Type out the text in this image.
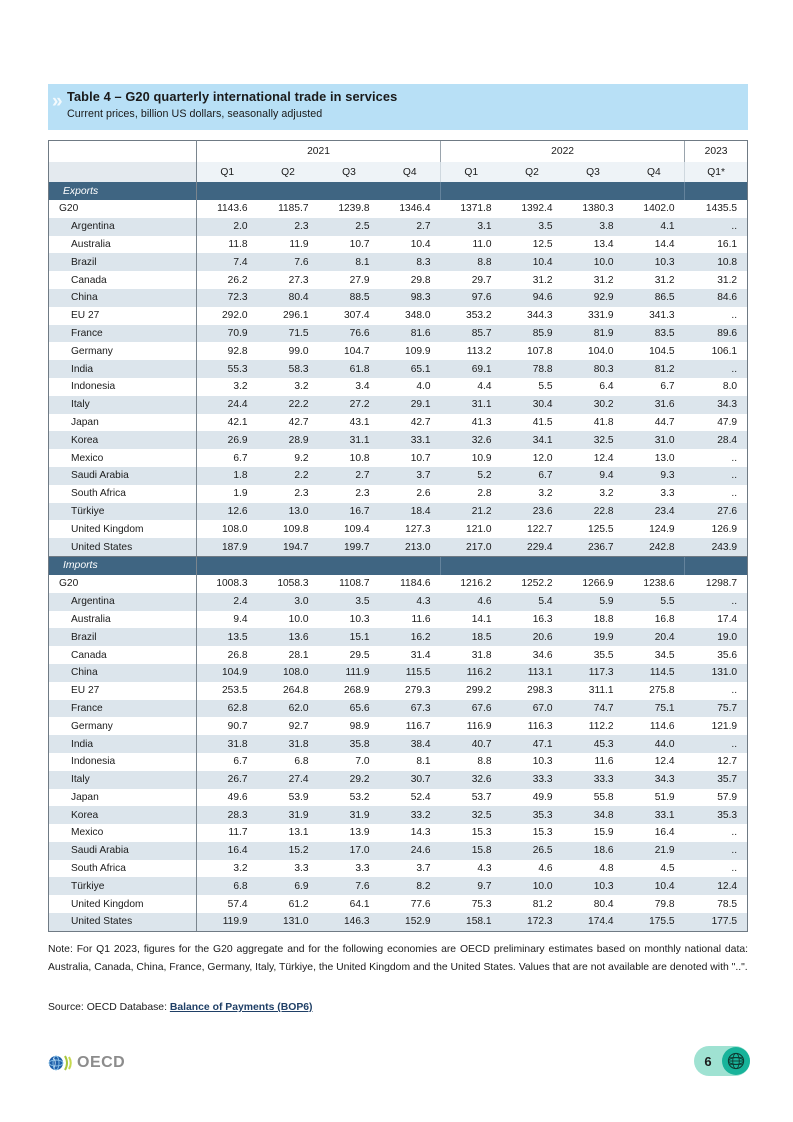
» Table 4 – G20 quarterly international trade in services
Current prices, billion US dollars, seasonally adjusted
	2021				2022				2023
	Q1	Q2	Q3	Q4	Q1	Q2	Q3	Q4	Q1*
Exports									
G20	1143.6	1185.7	1239.8	1346.4	1371.8	1392.4	1380.3	1402.0	1435.5
Argentina	2.0	2.3	2.5	2.7	3.1	3.5	3.8	4.1	..
Australia	11.8	11.9	10.7	10.4	11.0	12.5	13.4	14.4	16.1
Brazil	7.4	7.6	8.1	8.3	8.8	10.4	10.0	10.3	10.8
Canada	26.2	27.3	27.9	29.8	29.7	31.2	31.2	31.2	31.2
China	72.3	80.4	88.5	98.3	97.6	94.6	92.9	86.5	84.6
EU 27	292.0	296.1	307.4	348.0	353.2	344.3	331.9	341.3	..
France	70.9	71.5	76.6	81.6	85.7	85.9	81.9	83.5	89.6
Germany	92.8	99.0	104.7	109.9	113.2	107.8	104.0	104.5	106.1
India	55.3	58.3	61.8	65.1	69.1	78.8	80.3	81.2	..
Indonesia	3.2	3.2	3.4	4.0	4.4	5.5	6.4	6.7	8.0
Italy	24.4	22.2	27.2	29.1	31.1	30.4	30.2	31.6	34.3
Japan	42.1	42.7	43.1	42.7	41.3	41.5	41.8	44.7	47.9
Korea	26.9	28.9	31.1	33.1	32.6	34.1	32.5	31.0	28.4
Mexico	6.7	9.2	10.8	10.7	10.9	12.0	12.4	13.0	..
Saudi Arabia	1.8	2.2	2.7	3.7	5.2	6.7	9.4	9.3	..
South Africa	1.9	2.3	2.3	2.6	2.8	3.2	3.2	3.3	..
Türkiye	12.6	13.0	16.7	18.4	21.2	23.6	22.8	23.4	27.6
United Kingdom	108.0	109.8	109.4	127.3	121.0	122.7	125.5	124.9	126.9
United States	187.9	194.7	199.7	213.0	217.0	229.4	236.7	242.8	243.9
Imports									
G20	1008.3	1058.3	1108.7	1184.6	1216.2	1252.2	1266.9	1238.6	1298.7
Argentina	2.4	3.0	3.5	4.3	4.6	5.4	5.9	5.5	..
Australia	9.4	10.0	10.3	11.6	14.1	16.3	18.8	16.8	17.4
Brazil	13.5	13.6	15.1	16.2	18.5	20.6	19.9	20.4	19.0
Canada	26.8	28.1	29.5	31.4	31.8	34.6	35.5	34.5	35.6
China	104.9	108.0	111.9	115.5	116.2	113.1	117.3	114.5	131.0
EU 27	253.5	264.8	268.9	279.3	299.2	298.3	311.1	275.8	..
France	62.8	62.0	65.6	67.3	67.6	67.0	74.7	75.1	75.7
Germany	90.7	92.7	98.9	116.7	116.9	116.3	112.2	114.6	121.9
India	31.8	31.8	35.8	38.4	40.7	47.1	45.3	44.0	..
Indonesia	6.7	6.8	7.0	8.1	8.8	10.3	11.6	12.4	12.7
Italy	26.7	27.4	29.2	30.7	32.6	33.3	33.3	34.3	35.7
Japan	49.6	53.9	53.2	52.4	53.7	49.9	55.8	51.9	57.9
Korea	28.3	31.9	31.9	33.2	32.5	35.3	34.8	33.1	35.3
Mexico	11.7	13.1	13.9	14.3	15.3	15.3	15.9	16.4	..
Saudi Arabia	16.4	15.2	17.0	24.6	15.8	26.5	18.6	21.9	..
South Africa	3.2	3.3	3.3	3.7	4.3	4.6	4.8	4.5	..
Türkiye	6.8	6.9	7.6	8.2	9.7	10.0	10.3	10.4	12.4
United Kingdom	57.4	61.2	64.1	77.6	75.3	81.2	80.4	79.8	78.5
United States	119.9	131.0	146.3	152.9	158.1	172.3	174.4	175.5	177.5
Note: For Q1 2023, figures for the G20 aggregate and for the following economies are OECD preliminary estimates based on monthly national data: Australia, Canada, China, France, Germany, Italy, Türkiye, the United Kingdom and the United States. Values that are not available are denoted with "..".
Source: OECD Database: Balance of Payments (BOP6)
OECD	6
